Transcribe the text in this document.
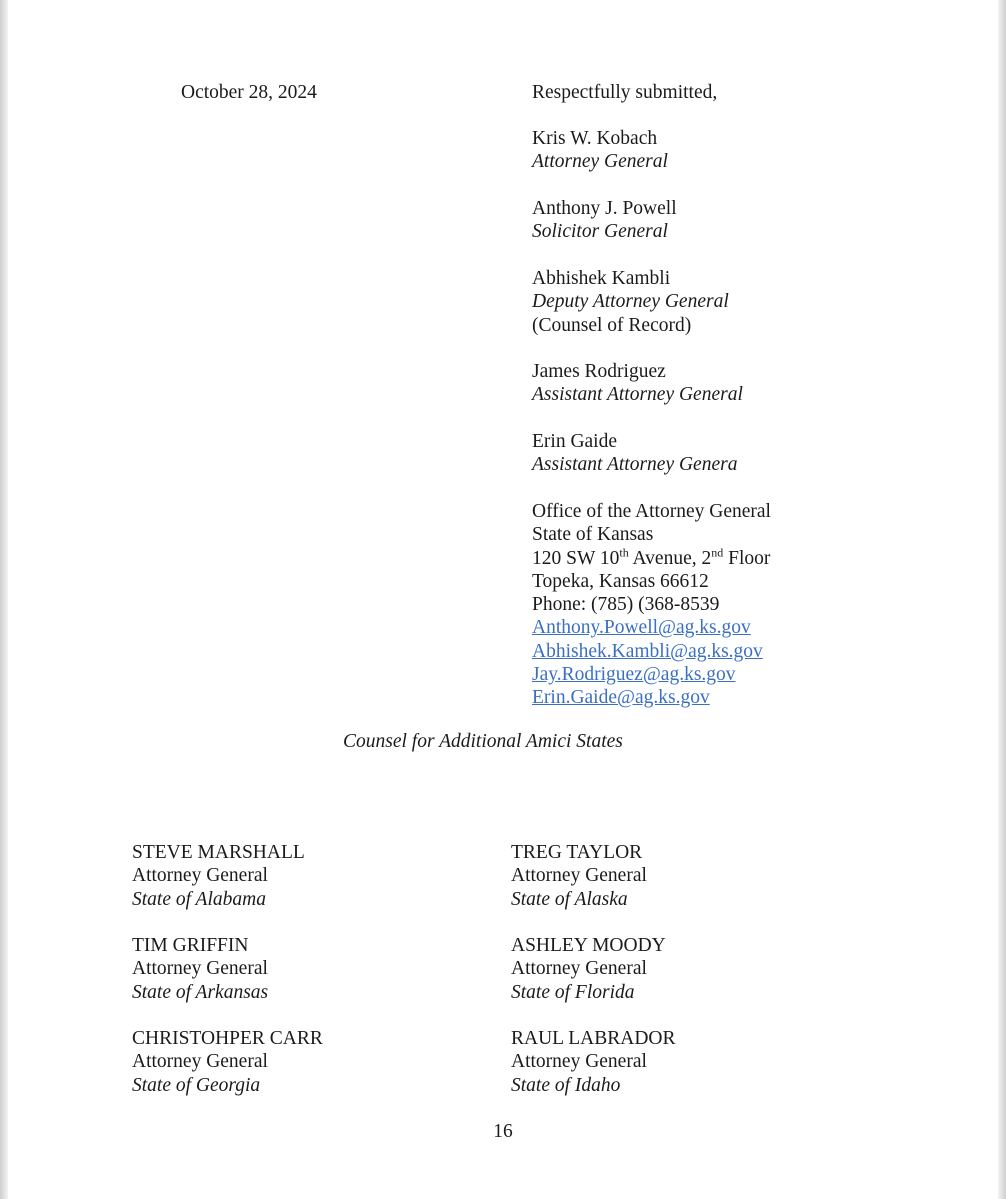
October 28, 2024	Respectfully submitted,
Kris W. Kobach
Attorney General
Anthony J. Powell
Solicitor General
Abhishek Kambli
Deputy Attorney General
(Counsel of Record)
James Rodriguez
Assistant Attorney General
Erin Gaide
Assistant Attorney Genera
Office of the Attorney General
State of Kansas
120 SW 10th Avenue, 2nd Floor
Topeka, Kansas 66612
Phone: (785) (368-8539
Anthony.Powell@ag.ks.gov
Abhishek.Kambli@ag.ks.gov
Jay.Rodriguez@ag.ks.gov
Erin.Gaide@ag.ks.gov
Counsel for Additional Amici States
STEVE MARSHALL
Attorney General
State of Alabama
TREG TAYLOR
Attorney General
State of Alaska
TIM GRIFFIN
Attorney General
State of Arkansas
ASHLEY MOODY
Attorney General
State of Florida
CHRISTOHPER CARR
Attorney General
State of Georgia
RAUL LABRADOR
Attorney General
State of Idaho
16
